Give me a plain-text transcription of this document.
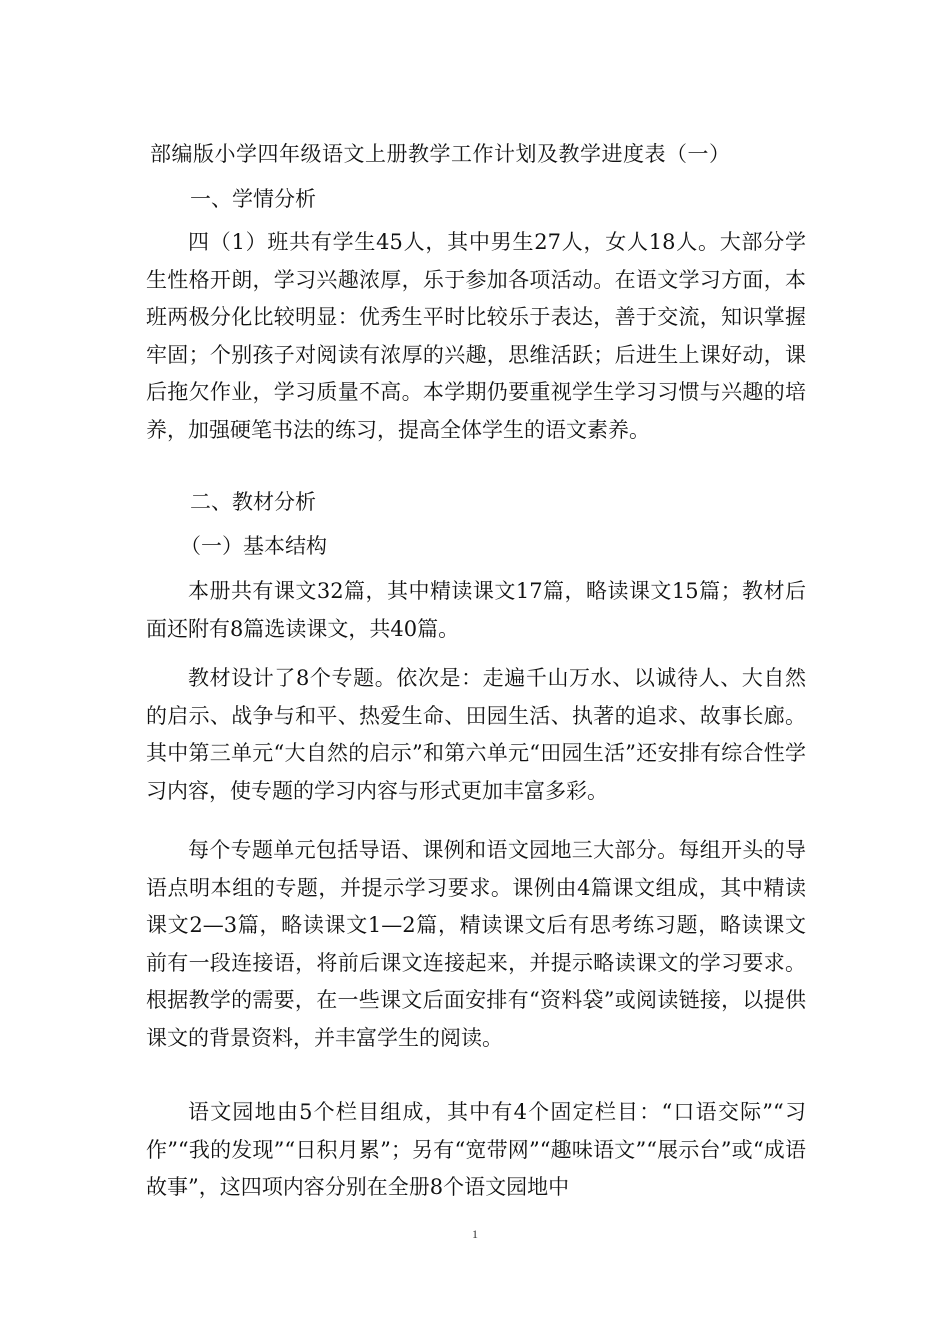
部编版小学四年级语文上册教学工作计划及教学进度表（一）
一、学情分析
四（1）班共有学生45人，其中男生27人，女人18人。大部分学生性格开朗，学习兴趣浓厚，乐于参加各项活动。在语文学习方面，本班两极分化比较明显：优秀生平时比较乐于表达，善于交流，知识掌握牢固；个别孩子对阅读有浓厚的兴趣，思维活跃；后进生上课好动，课后拖欠作业，学习质量不高。本学期仍要重视学生学习习惯与兴趣的培养，加强硬笔书法的练习，提高全体学生的语文素养。
二、教材分析
（一）基本结构
本册共有课文32篇，其中精读课文17篇，略读课文15篇；教材后面还附有8篇选读课文，共40篇。
教材设计了8个专题。依次是：走遍千山万水、以诚待人、大自然的启示、战争与和平、热爱生命、田园生活、执著的追求、故事长廊。其中第三单元“大自然的启示”和第六单元“田园生活”还安排有综合性学习内容，使专题的学习内容与形式更加丰富多彩。
每个专题单元包括导语、课例和语文园地三大部分。每组开头的导语点明本组的专题，并提示学习要求。课例由4篇课文组成，其中精读课文2—3篇，略读课文1—2篇，精读课文后有思考练习题，略读课文前有一段连接语，将前后课文连接起来，并提示略读课文的学习要求。根据教学的需要，在一些课文后面安排有“资料袋”或阅读链接，以提供课文的背景资料，并丰富学生的阅读。
语文园地由5个栏目组成，其中有4个固定栏目：“口语交际”“习作”“我的发现”“日积月累”；另有“宽带网”“趣味语文”“展示台”或“成语故事”，这四项内容分别在全册8个语文园地中
1
